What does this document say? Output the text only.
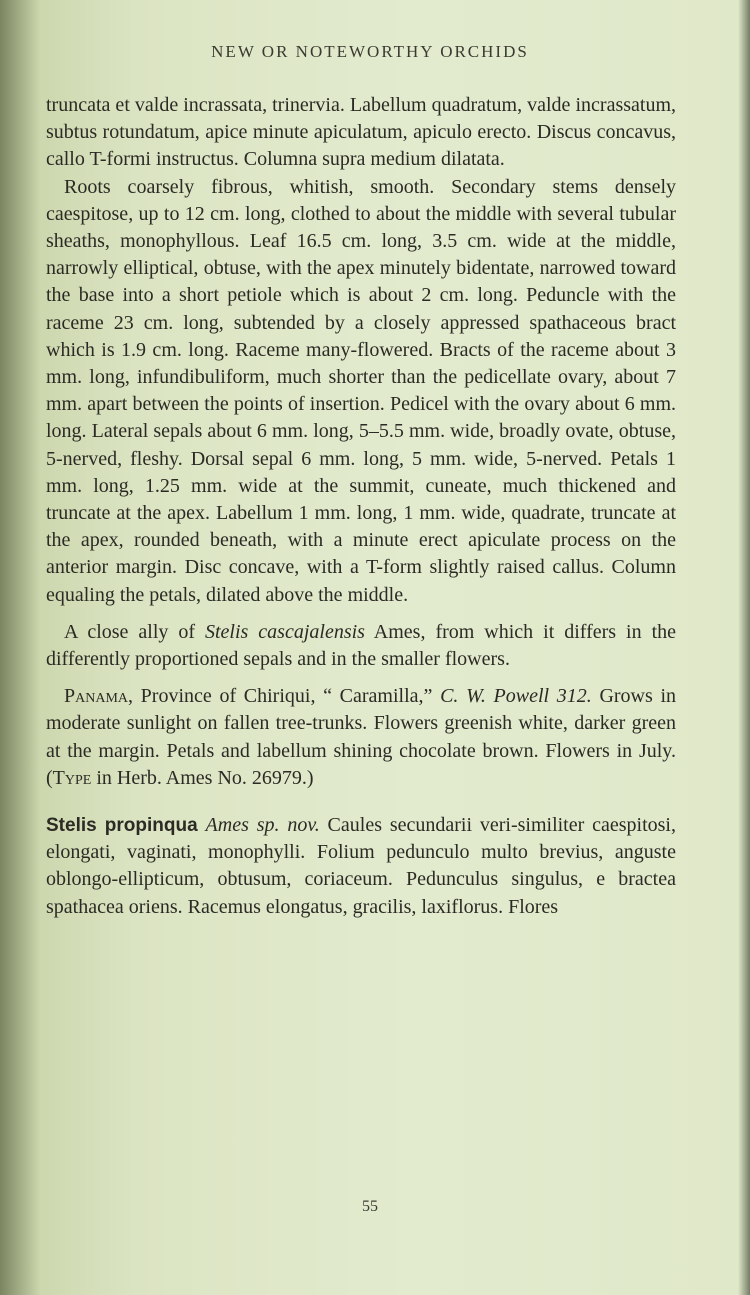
NEW OR NOTEWORTHY ORCHIDS

truncata et valde incrassata, trinervia. Labellum quadratum, valde incrassatum, subtus rotundatum, apice minute apiculatum, apiculo erecto. Discus concavus, callo T-formi instructus. Columna supra medium dilatata.

Roots coarsely fibrous, whitish, smooth. Secondary stems densely caespitose, up to 12 cm. long, clothed to about the middle with several tubular sheaths, monophyllous. Leaf 16.5 cm. long, 3.5 cm. wide at the middle, narrowly elliptical, obtuse, with the apex minutely bidentate, narrowed toward the base into a short petiole which is about 2 cm. long. Peduncle with the raceme 23 cm. long, subtended by a closely appressed spathaceous bract which is 1.9 cm. long. Raceme many-flowered. Bracts of the raceme about 3 mm. long, infundibuliform, much shorter than the pedicellate ovary, about 7 mm. apart between the points of insertion. Pedicel with the ovary about 6 mm. long. Lateral sepals about 6 mm. long, 5–5.5 mm. wide, broadly ovate, obtuse, 5-nerved, fleshy. Dorsal sepal 6 mm. long, 5 mm. wide, 5-nerved. Petals 1 mm. long, 1.25 mm. wide at the summit, cuneate, much thickened and truncate at the apex. Labellum 1 mm. long, 1 mm. wide, quadrate, truncate at the apex, rounded beneath, with a minute erect apiculate process on the anterior margin. Disc concave, with a T-form slightly raised callus. Column equaling the petals, dilated above the middle.

A close ally of Stelis cascajalensis Ames, from which it differs in the differently proportioned sepals and in the smaller flowers.

Panama, Province of Chiriqui, “ Caramilla,” C. W. Powell 312. Grows in moderate sunlight on fallen tree-trunks. Flowers greenish white, darker green at the margin. Petals and labellum shining chocolate brown. Flowers in July. (Type in Herb. Ames No. 26979.)

Stelis propinqua Ames sp. nov. Caules secundarii veri-similiter caespitosi, elongati, vaginati, monophylli. Folium pedunculo multo brevius, anguste oblongo-ellipticum, obtusum, coriaceum. Pedunculus singulus, e bractea spathacea oriens. Racemus elongatus, gracilis, laxiflorus. Flores

55
